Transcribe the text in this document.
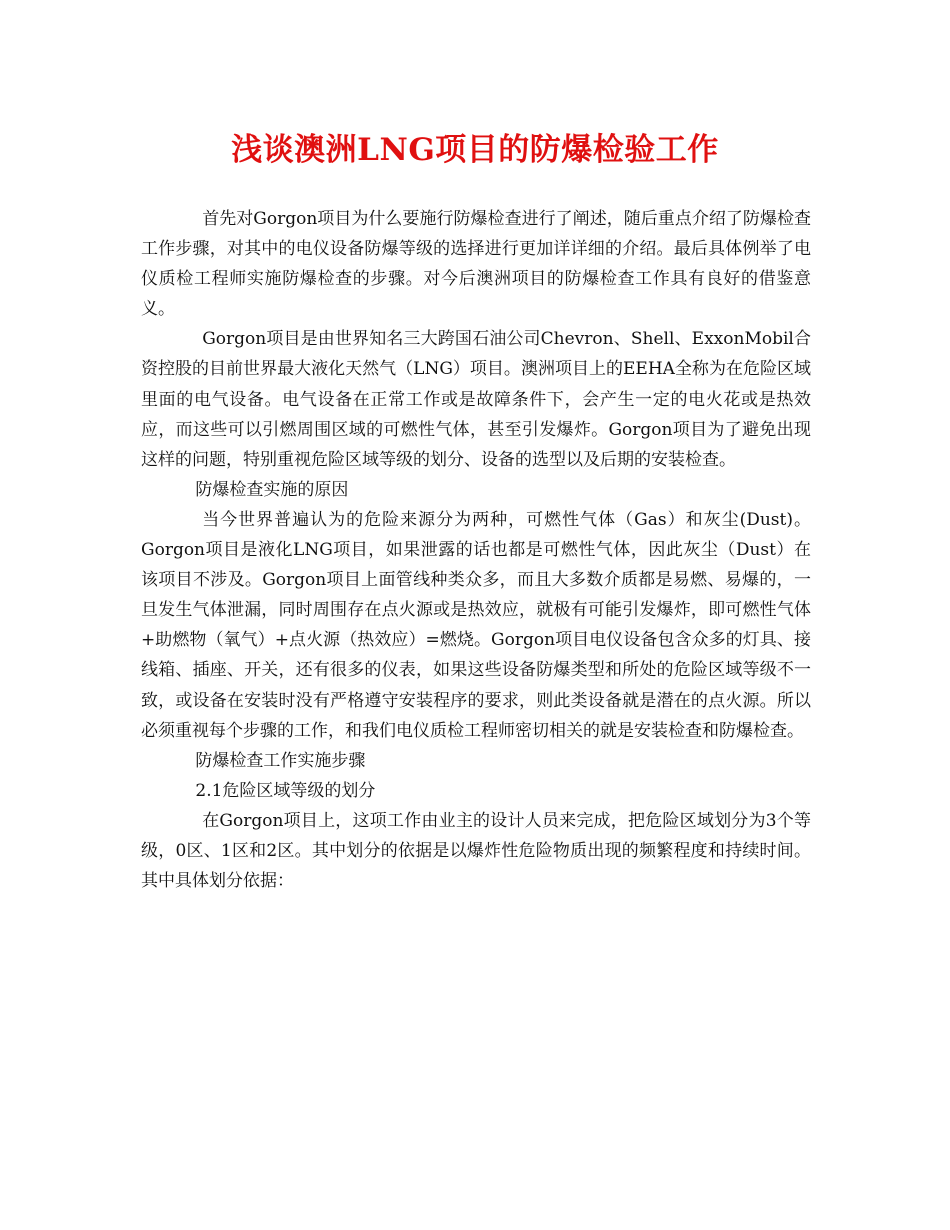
浅谈澳洲LNG项目的防爆检验工作

首先对Gorgon项目为什么要施行防爆检查进行了阐述，随后重点介绍了防爆检查工作步骤，对其中的电仪设备防爆等级的选择进行更加详详细的介绍。最后具体例举了电仪质检工程师实施防爆检查的步骤。对今后澳洲项目的防爆检查工作具有良好的借鉴意义。

Gorgon项目是由世界知名三大跨国石油公司Chevron、Shell、ExxonMobil合资控股的目前世界最大液化天然气（LNG）项目。澳洲项目上的EEHA全称为在危险区域里面的电气设备。电气设备在正常工作或是故障条件下，会产生一定的电火花或是热效应，而这些可以引燃周围区域的可燃性气体，甚至引发爆炸。Gorgon项目为了避免出现这样的问题，特别重视危险区域等级的划分、设备的选型以及后期的安装检查。

防爆检查实施的原因

当今世界普遍认为的危险来源分为两种，可燃性气体（Gas）和灰尘(Dust)。Gorgon项目是液化LNG项目，如果泄露的话也都是可燃性气体，因此灰尘（Dust）在该项目不涉及。Gorgon项目上面管线种类众多，而且大多数介质都是易燃、易爆的，一旦发生气体泄漏，同时周围存在点火源或是热效应，就极有可能引发爆炸，即可燃性气体+助燃物（氧气）+点火源（热效应）=燃烧。Gorgon项目电仪设备包含众多的灯具、接线箱、插座、开关，还有很多的仪表，如果这些设备防爆类型和所处的危险区域等级不一致，或设备在安装时没有严格遵守安装程序的要求，则此类设备就是潜在的点火源。所以必须重视每个步骤的工作，和我们电仪质检工程师密切相关的就是安装检查和防爆检查。

防爆检查工作实施步骤

2.1危险区域等级的划分

在Gorgon项目上，这项工作由业主的设计人员来完成，把危险区域划分为3个等级，0区、1区和2区。其中划分的依据是以爆炸性危险物质出现的频繁程度和持续时间。其中具体划分依据：
